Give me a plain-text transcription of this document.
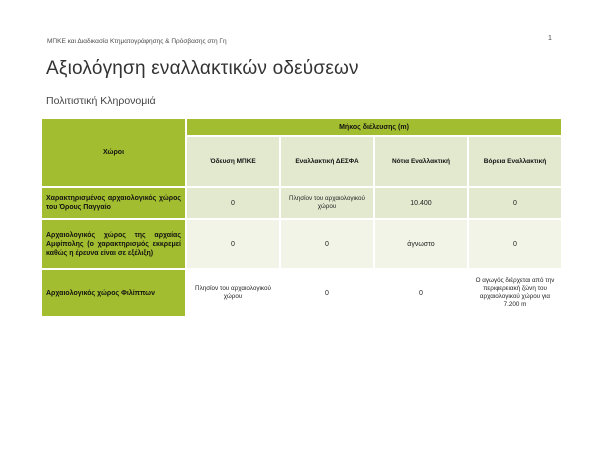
ΜΠΚΕ και Διαδικασία Κτηματογράφησης & Πρόσβασης στη Γη	1
Αξιολόγηση εναλλακτικών οδεύσεων
Πολιτιστική Κληρονομιά
Χώροι	Μήκος διέλευσης (m)			
	Όδευση ΜΠΚΕ	Εναλλακτική ΔΕΣΦΑ	Νότια Εναλλακτική	Βόρεια Εναλλακτική
Χαρακτηρισμένος αρχαιολογικός χώρος του Όρους Παγγαίο	0	Πλησίον του αρχαιολογικού χώρου	10.400	0
Αρχαιολογικός χώρος της αρχαίας Αμφίπολης (ο χαρακτηρισμός εκκρεμεί καθώς η έρευνα είναι σε εξέλιξη)	0	0	άγνωστο	0
Αρχαιολογικός χώρος Φιλίππων	Πλησίον του αρχαιολογικού χώρου	0	0	Ο αγωγός διέρχεται από την περιφερειακή ζώνη του αρχαιολογικού χώρου για 7.200 m
